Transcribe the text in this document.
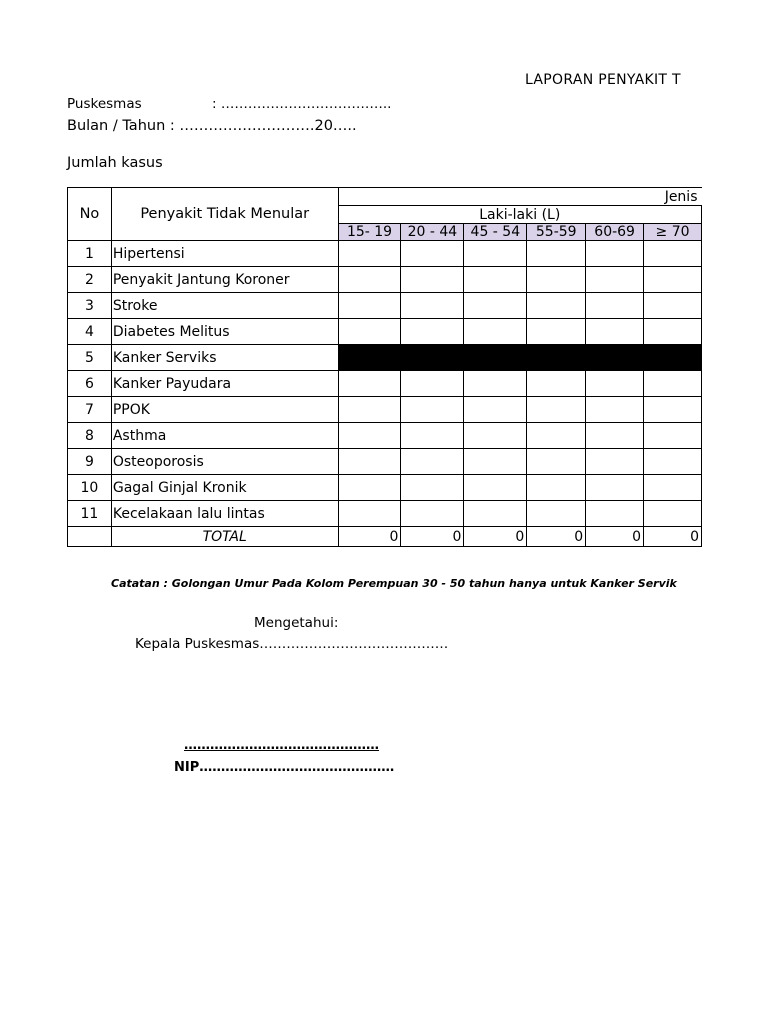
LAPORAN PENYAKIT T
Puskesmas	: ………………………………..
Bulan / Tahun : ……………………….20…..
Jumlah kasus
No	Penyakit Tidak Menular	Jenis					
		Laki-laki (L)					
		15- 19	20 - 44	45 - 54	55-59	60-69	≥ 70
1	Hipertensi						
2	Penyakit Jantung Koroner						
3	Stroke						
4	Diabetes Melitus						
5	Kanker Serviks						
6	Kanker Payudara						
7	PPOK						
8	Asthma						
9	Osteoporosis						
10	Gagal Ginjal Kronik						
11	Kecelakaan lalu lintas						
	TOTAL	0	0	0	0	0	0
Catatan : Golongan Umur Pada Kolom Perempuan 30 - 50 tahun hanya untuk Kanker Servik
Mengetahui:
Kepala Puskesmas……………………………………
………………………………………
NIP………………………………………
